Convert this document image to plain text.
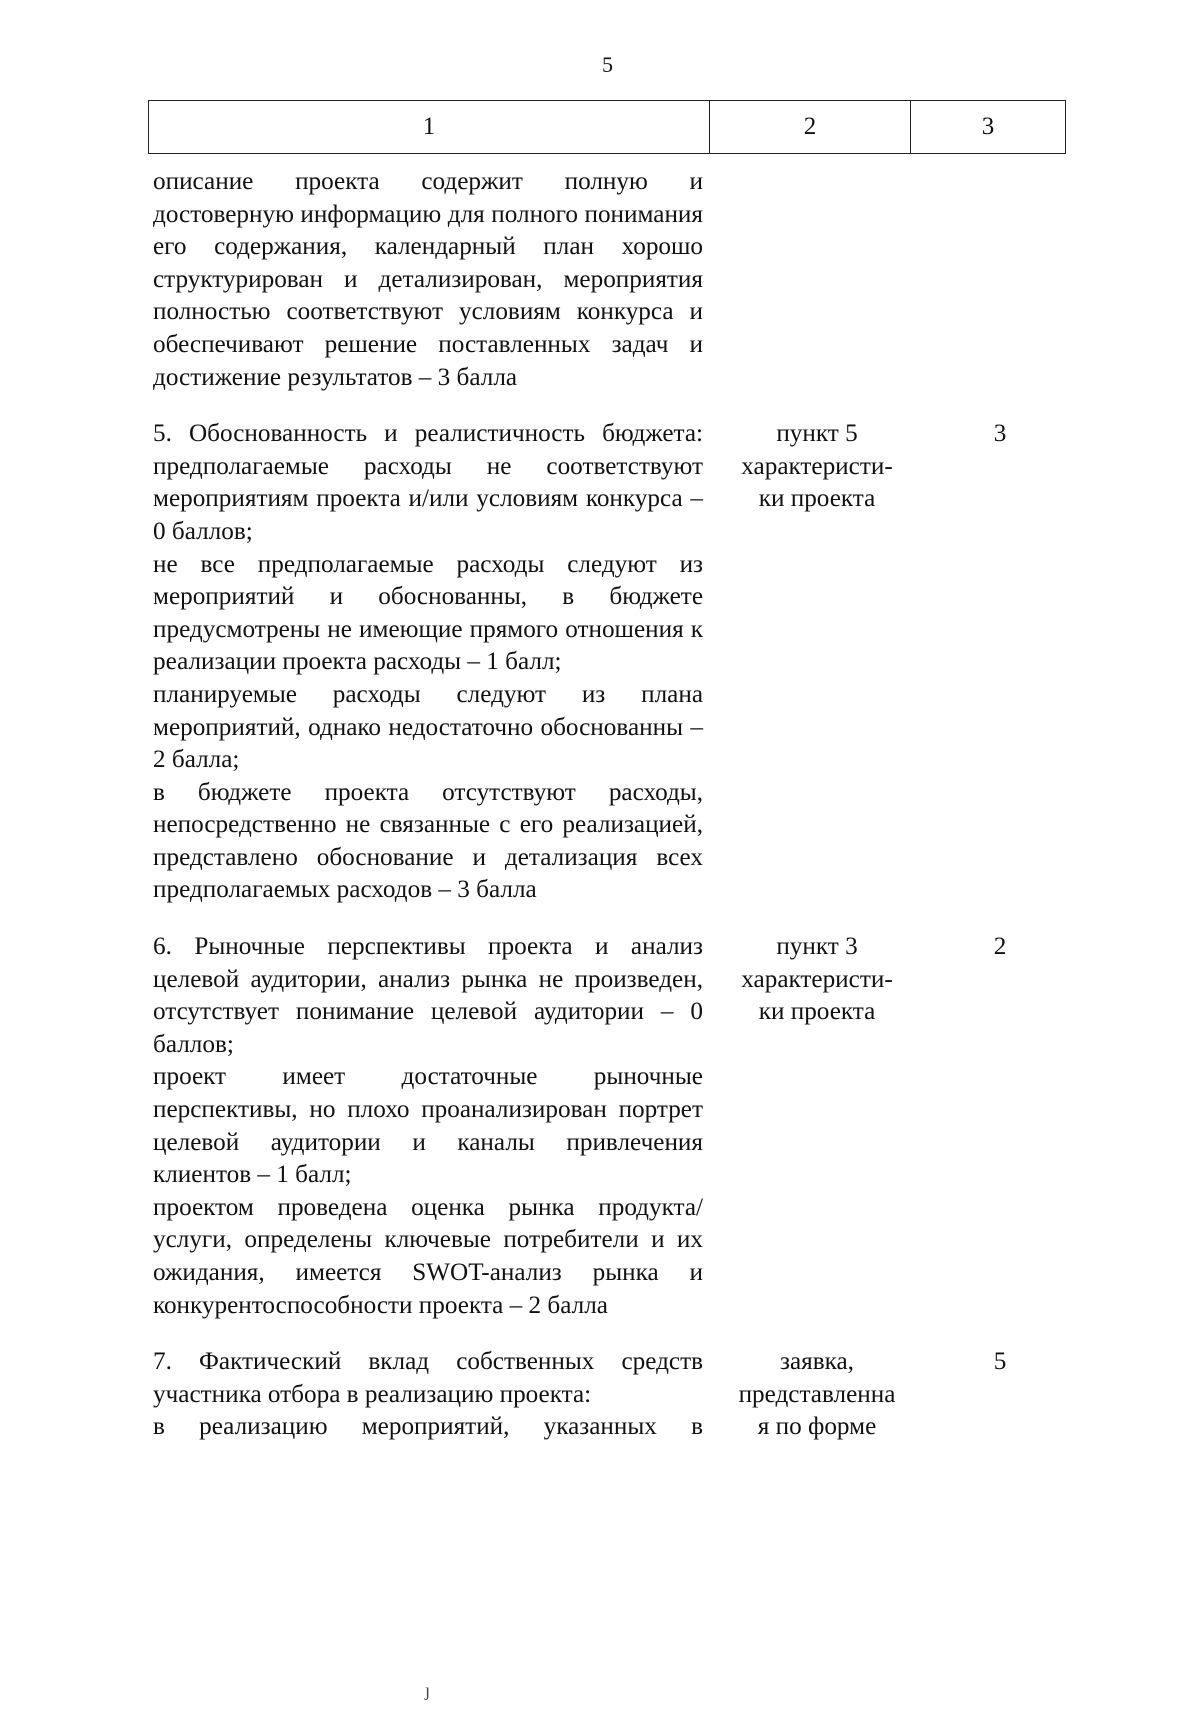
5
1	2	3

описание проекта содержит полную и достоверную информацию для полного понимания его содержания, календарный план хорошо структурирован и детализирован, мероприятия полностью соответствуют условиям конкурса и обеспечивают решение поставленных задач и достижение результатов – 3 балла

5. Обоснованность и реалистичность бюджета: предполагаемые расходы не соответствуют мероприятиям проекта и/или условиям конкурса – 0 баллов;

не все предполагаемые расходы следуют из мероприятий и обоснованны, в бюджете предусмотрены не имеющие прямого отношения к реализации проекта расходы – 1 балл;

планируемые расходы следуют из плана мероприятий, однако недостаточно обоснованны – 2 балла;

в бюджете проекта отсутствуют расходы, непосредственно не связанные с его реализацией, представлено обоснование и детализация всех предполагаемых расходов – 3 балла

пункт 5
характеристи-
ки проекта
3

6. Рыночные перспективы проекта и анализ целевой аудитории, анализ рынка не произведен, отсутствует понимание целевой аудитории – 0 баллов;

проект имеет достаточные рыночные перспективы, но плохо проанализирован портрет целевой аудитории и каналы привлечения клиентов – 1 балл;

проектом проведена оценка рынка продукта/услуги, определены ключевые потребители и их ожидания, имеется SWOT-анализ рынка и конкурентоспособности проекта – 2 балла

пункт 3
характеристи-
ки проекта
2

7. Фактический вклад собственных средств участника отбора в реализацию проекта:

в реализацию мероприятий, указанных в

заявка,
представленна
я по форме
5
ȷ
